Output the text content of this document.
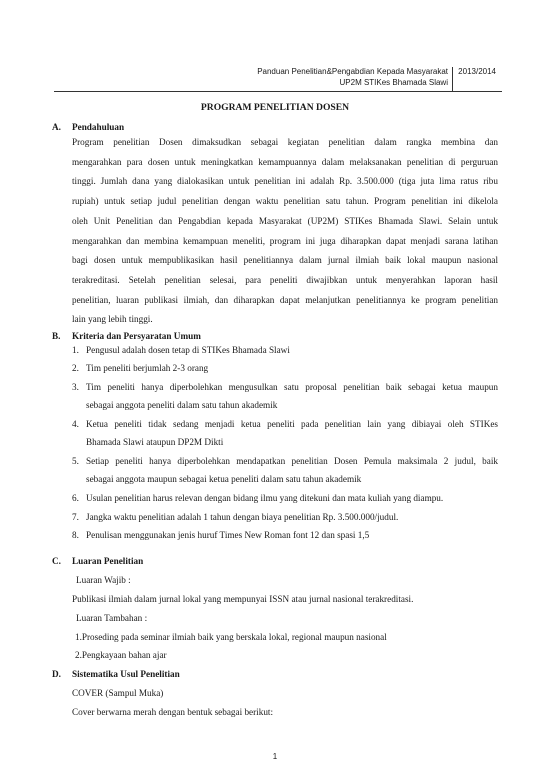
Panduan Penelitian&Pengabdian Kepada Masyarakat
UP2M STIKes Bhamada Slawi
2013/2014
PROGRAM PENELITIAN DOSEN
A. Pendahuluan
Program penelitian Dosen dimaksudkan sebagai kegiatan penelitian dalam rangka membina dan
mengarahkan para dosen untuk meningkatkan kemampuannya dalam melaksanakan penelitian di perguruan
tinggi. Jumlah dana yang dialokasikan untuk penelitian ini adalah Rp. 3.500.000 (tiga juta lima ratus ribu
rupiah) untuk setiap judul penelitian dengan waktu penelitian satu tahun. Program penelitian ini dikelola
oleh Unit Penelitian dan Pengabdian kepada Masyarakat (UP2M) STIKes Bhamada Slawi. Selain untuk
mengarahkan dan membina kemampuan meneliti, program ini juga diharapkan dapat menjadi sarana latihan
bagi dosen untuk mempublikasikan hasil penelitiannya dalam jurnal ilmiah baik lokal maupun nasional
terakreditasi. Setelah penelitian selesai, para peneliti diwajibkan untuk menyerahkan laporan hasil
penelitian, luaran publikasi ilmiah, dan diharapkan dapat melanjutkan penelitiannya ke program penelitian
lain yang lebih tinggi.
B. Kriteria dan Persyaratan Umum
1. Pengusul adalah dosen tetap di STIKes Bhamada Slawi
2. Tim peneliti berjumlah 2-3 orang
3. Tim peneliti hanya diperbolehkan mengusulkan satu proposal penelitian baik sebagai ketua maupun
sebagai anggota peneliti dalam satu tahun akademik
4. Ketua peneliti tidak sedang menjadi ketua peneliti pada penelitian lain yang dibiayai oleh STIKes
Bhamada Slawi ataupun DP2M Dikti
5. Setiap peneliti hanya diperbolehkan mendapatkan penelitian Dosen Pemula maksimala 2 judul, baik
sebagai anggota maupun sebagai ketua peneliti dalam satu tahun akademik
6. Usulan penelitian harus relevan dengan bidang ilmu yang ditekuni dan mata kuliah yang diampu.
7. Jangka waktu penelitian adalah 1 tahun dengan biaya penelitian Rp. 3.500.000/judul.
8. Penulisan menggunakan jenis huruf Times New Roman font 12 dan spasi 1,5
C. Luaran Penelitian
Luaran Wajib :
Publikasi ilmiah dalam jurnal lokal yang mempunyai ISSN atau jurnal nasional terakreditasi.
Luaran Tambahan :
1.Proseding pada seminar ilmiah baik yang berskala lokal, regional maupun nasional
2.Pengkayaan bahan ajar
D. Sistematika Usul Penelitian
COVER (Sampul Muka)
Cover berwarna merah dengan bentuk sebagai berikut:
1
